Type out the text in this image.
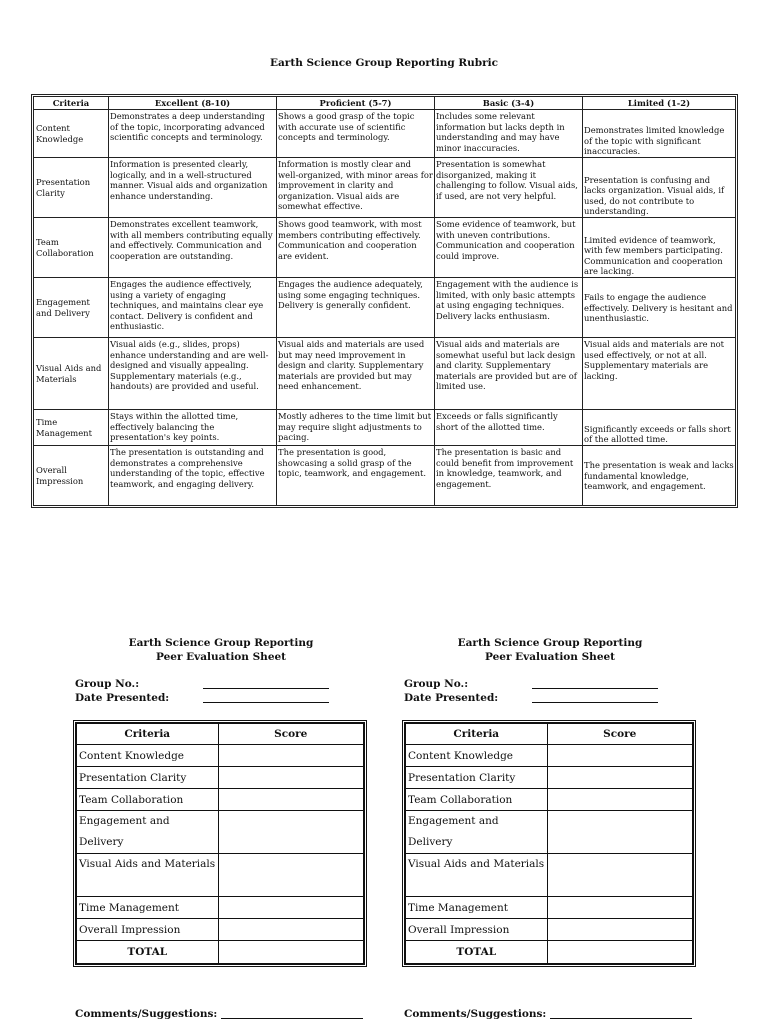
Earth Science Group Reporting Rubric
Criteria	Excellent (8-10)	Proficient (5-7)	Basic (3-4)	Limited (1-2)
Content Knowledge	Demonstrates a deep understanding of the topic, incorporating advanced scientific concepts and terminology.	Shows a good grasp of the topic with accurate use of scientific concepts and terminology.	Includes some relevant information but lacks depth in understanding and may have minor inaccuracies.	Demonstrates limited knowledge of the topic with significant inaccuracies.
Presentation Clarity	Information is presented clearly, logically, and in a well-structured manner. Visual aids and organization enhance understanding.	Information is mostly clear and well-organized, with minor areas for improvement in clarity and organization. Visual aids are somewhat effective.	Presentation is somewhat disorganized, making it challenging to follow. Visual aids, if used, are not very helpful.	Presentation is confusing and lacks organization. Visual aids, if used, do not contribute to understanding.
Team Collaboration	Demonstrates excellent teamwork, with all members contributing equally and effectively. Communication and cooperation are outstanding.	Shows good teamwork, with most members contributing effectively. Communication and cooperation are evident.	Some evidence of teamwork, but with uneven contributions. Communication and cooperation could improve.	Limited evidence of teamwork, with few members participating. Communication and cooperation are lacking.
Engagement and Delivery	Engages the audience effectively, using a variety of engaging techniques, and maintains clear eye contact. Delivery is confident and enthusiastic.	Engages the audience adequately, using some engaging techniques. Delivery is generally confident.	Engagement with the audience is limited, with only basic attempts at using engaging techniques. Delivery lacks enthusiasm.	Fails to engage the audience effectively. Delivery is hesitant and unenthusiastic.
Visual Aids and Materials	Visual aids (e.g., slides, props) enhance understanding and are well-designed and visually appealing. Supplementary materials (e.g., handouts) are provided and useful.	Visual aids and materials are used but may need improvement in design and clarity. Supplementary materials are provided but may need enhancement.	Visual aids and materials are somewhat useful but lack design and clarity. Supplementary materials are provided but are of limited use.	Visual aids and materials are not used effectively, or not at all. Supplementary materials are lacking.
Time Management	Stays within the allotted time, effectively balancing the presentation's key points.	Mostly adheres to the time limit but may require slight adjustments to pacing.	Exceeds or falls significantly short of the allotted time.	Significantly exceeds or falls short of the allotted time.
Overall Impression	The presentation is outstanding and demonstrates a comprehensive understanding of the topic, effective teamwork, and engaging delivery.	The presentation is good, showcasing a solid grasp of the topic, teamwork, and engagement.	The presentation is basic and could benefit from improvement in knowledge, teamwork, and engagement.	The presentation is weak and lacks fundamental knowledge, teamwork, and engagement.
Earth Science Group Reporting
Peer Evaluation Sheet
Group No.:
Date Presented:
Criteria	Score
Content Knowledge	
Presentation Clarity	
Team Collaboration	
Engagement and Delivery	
Visual Aids and Materials	
Time Management	
Overall Impression	
TOTAL	
Comments/Suggestions:
Earth Science Group Reporting
Peer Evaluation Sheet
Group No.:
Date Presented:
Criteria	Score
Content Knowledge	
Presentation Clarity	
Team Collaboration	
Engagement and Delivery	
Visual Aids and Materials	
Time Management	
Overall Impression	
TOTAL	
Comments/Suggestions:
